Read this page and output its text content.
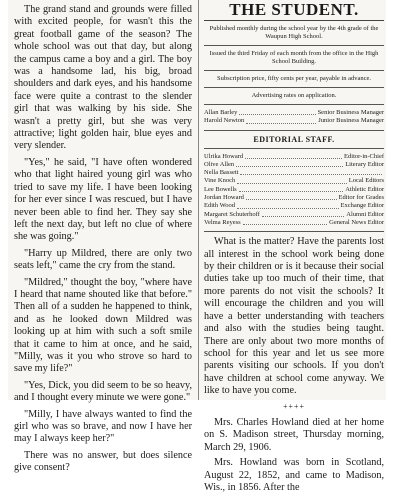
The grand stand and grounds were filled with excited people, for wasn't this the great football game of the season? The whole school was out that day, but along the campus came a boy and a girl. The boy was a handsome lad, his big, broad shoulders and dark eyes, and his handsome face were quite a contrast to the slender girl that was walking by his side. She wasn't a pretty girl, but she was very attractive; light golden hair, blue eyes and very slender.

"Yes," he said, "I have often wondered who that light haired young girl was who tried to save my life. I have been looking for her ever since I was rescued, but I have never been able to find her. They say she left the next day, but left no clue of where she was going."

"Harry up Mildred, there are only two seats left," came the cry from the stand.

"Mildred," thought the boy, "where have I heard that name shouted like that before." Then all of a sudden he happened to think, and as he looked down Mildred was looking up at him with such a soft smile that it came to him at once, and he said, "Milly, was it you who strove so hard to save my life?"

"Yes, Dick, you did seem to be so heavy, and I thought every minute we were gone."

"Milly, I have always wanted to find the girl who was so brave, and now I have her may I always keep her?"

There was no answer, but does silence give consent?

THE STUDENT.
Published monthly during the school year by the 4th grade of the Waupun High School.
Issued the third Friday of each month from the office in the High School Building.
Subscription price, fifty cents per year, payable in advance.
Advertising rates on application.
Allan Barley	Senior Business Manager
Harold Newton	Junior Business Manager
EDITORIAL STAFF.
Ulrika Howard	Editor-in-Chief
Olive Allen	Literary Editor
Nella Bassett
Vine Knoch	Local Editors
Lee Bowells	Athletic Editor
Jordan Howard	Editor for Grades
Edith Wood	Exchange Editor
Margaret Schuterhoff	Alumni Editor
Velma Reyess	General News Editor

What is the matter? Have the parents lost all interest in the school work being done by their children or is it because their social duties take up too much of their time, that more parents do not visit the schools? It will encourage the children and you will have a better understanding with teachers and also with the studies being taught. There are only about two more months of school for this year and let us see more parents visiting our schools. If you don't have children at school come anyway. We like to have you come.

++++

Mrs. Charles Howland died at her home on S. Madison street, Thursday morning, March 29, 1906.

Mrs. Howland was born in Scotland, August 22, 1852, and came to Madison, Wis., in 1856. After the
